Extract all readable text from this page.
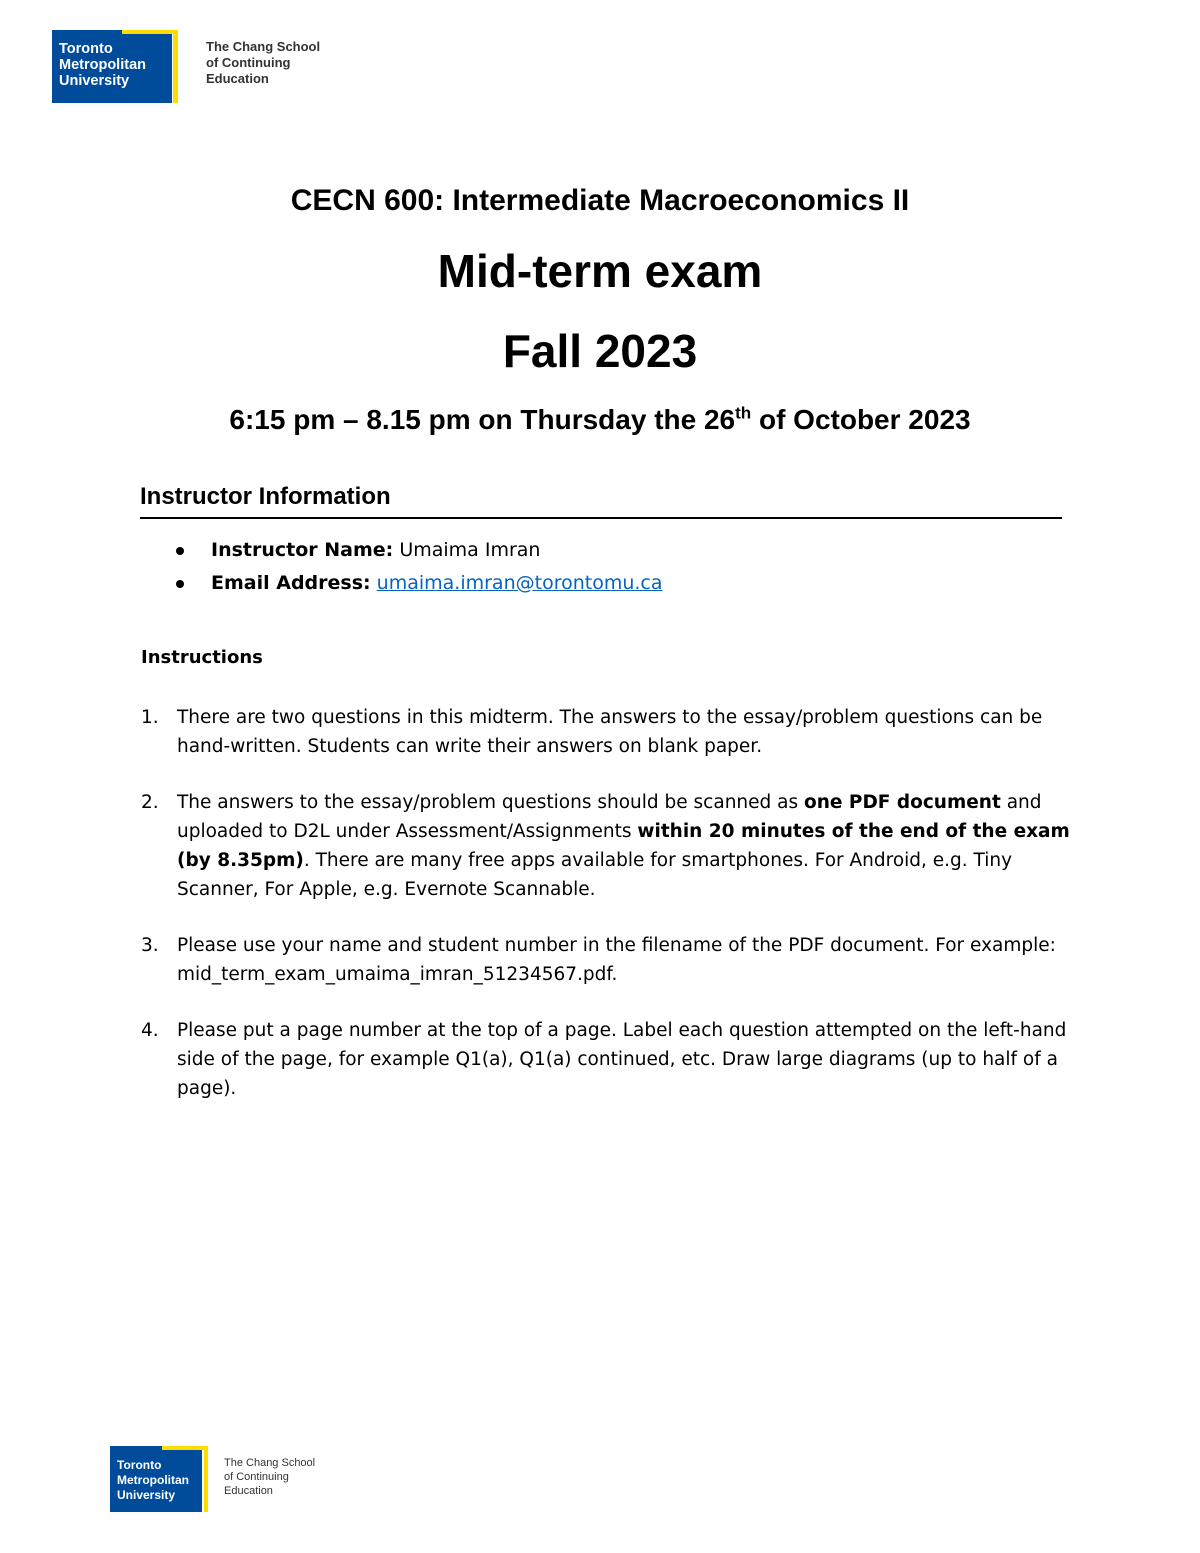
Toronto
Metropolitan
University
The Chang School
of Continuing
Education
CECN 600: Intermediate Macroeconomics II
Mid-term exam
Fall 2023
6:15 pm – 8.15 pm on Thursday the 26th of October 2023
Instructor Information
Instructor Name: Umaima Imran
Email Address: umaima.imran@torontomu.ca
Instructions
1. There are two questions in this midterm. The answers to the essay/problem questions can be hand-written. Students can write their answers on blank paper.
2. The answers to the essay/problem questions should be scanned as one PDF document and uploaded to D2L under Assessment/Assignments within 20 minutes of the end of the exam (by 8.35pm). There are many free apps available for smartphones. For Android, e.g. Tiny Scanner, For Apple, e.g. Evernote Scannable.
3. Please use your name and student number in the filename of the PDF document. For example: mid_term_exam_umaima_imran_51234567.pdf.
4. Please put a page number at the top of a page. Label each question attempted on the left-hand side of the page, for example Q1(a), Q1(a) continued, etc. Draw large diagrams (up to half of a page).
Toronto
Metropolitan
University
The Chang School
of Continuing
Education
